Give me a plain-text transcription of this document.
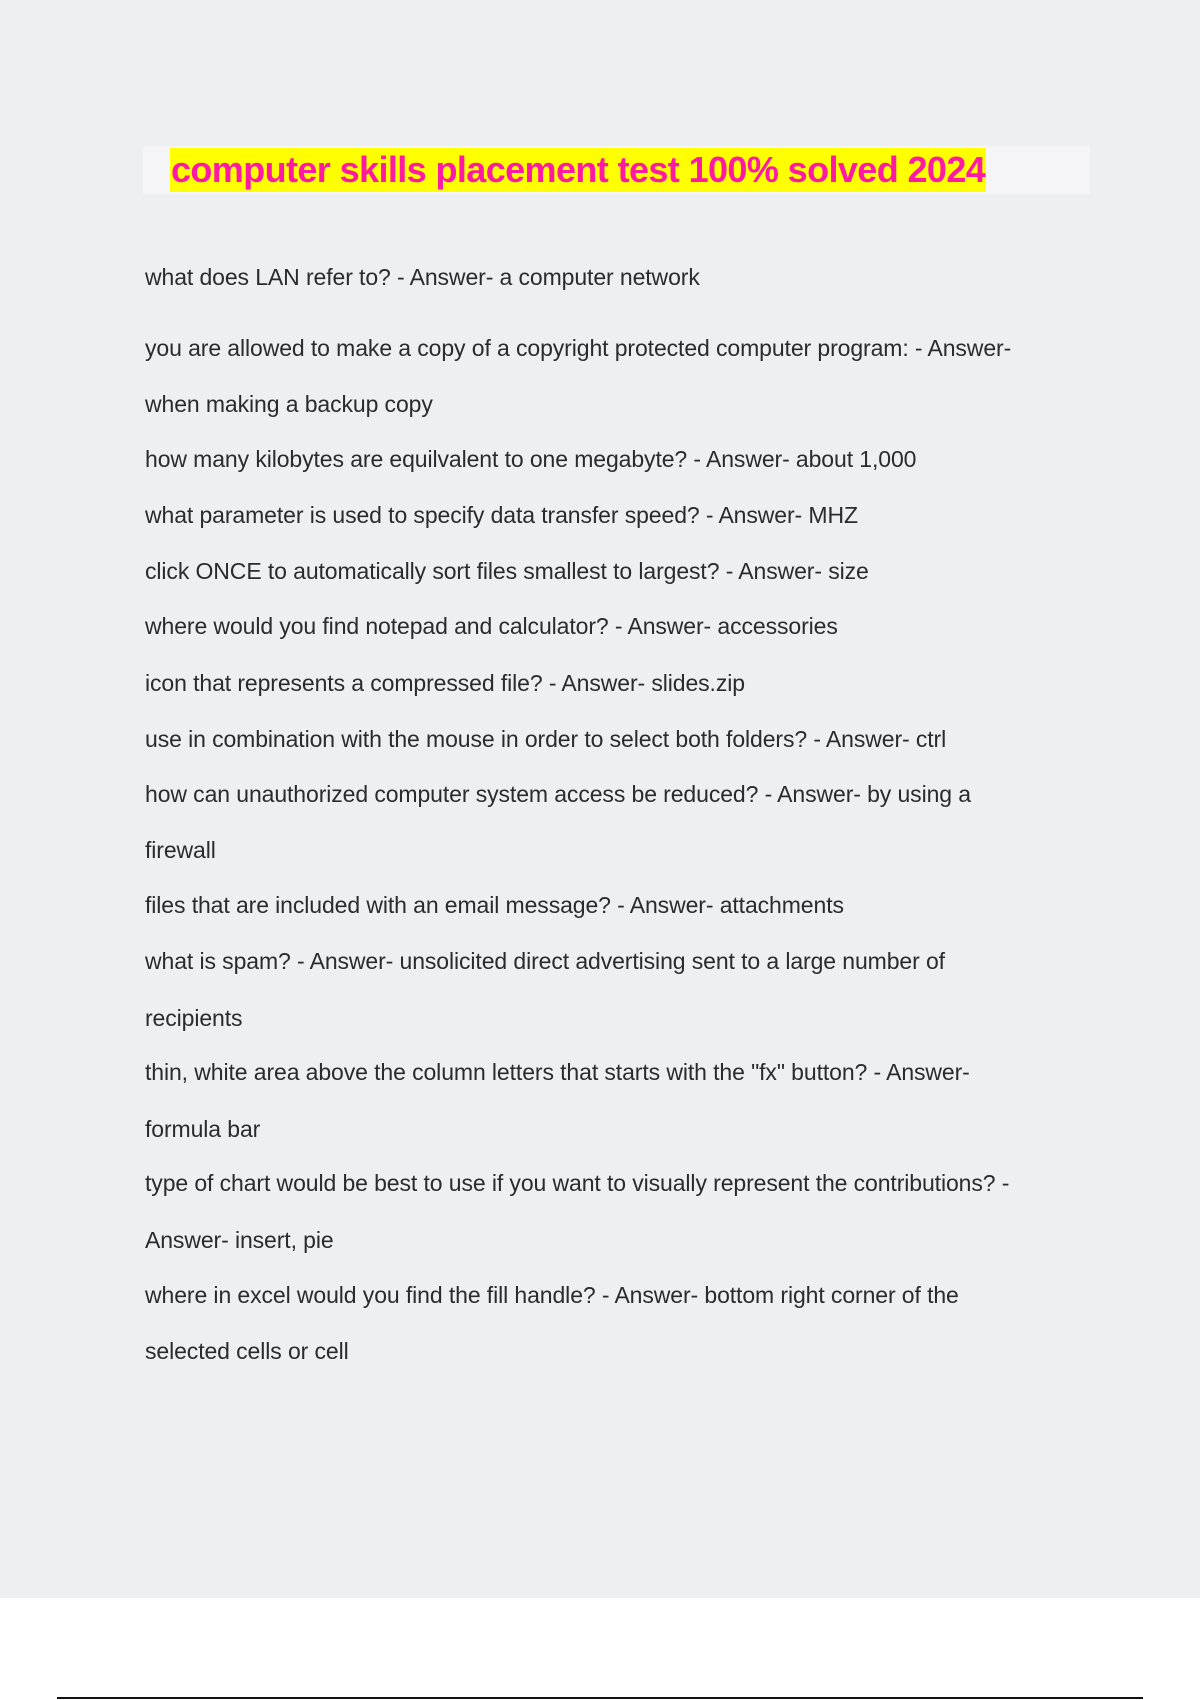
computer skills placement test 100% solved 2024
what does LAN refer to? - Answer- a computer network
you are allowed to make a copy of a copyright protected computer program: - Answer-
when making a backup copy
how many kilobytes are equilvalent to one megabyte? - Answer- about 1,000
what parameter is used to specify data transfer speed? - Answer- MHZ
click ONCE to automatically sort files smallest to largest? - Answer- size
where would you find notepad and calculator? - Answer- accessories
icon that represents a compressed file? - Answer- slides.zip
use in combination with the mouse in order to select both folders? - Answer- ctrl
how can unauthorized computer system access be reduced? - Answer- by using a
firewall
files that are included with an email message? - Answer- attachments
what is spam? - Answer- unsolicited direct advertising sent to a large number of
recipients
thin, white area above the column letters that starts with the "fx" button? - Answer-
formula bar
type of chart would be best to use if you want to visually represent the contributions? -
Answer- insert, pie
where in excel would you find the fill handle? - Answer- bottom right corner of the
selected cells or cell
